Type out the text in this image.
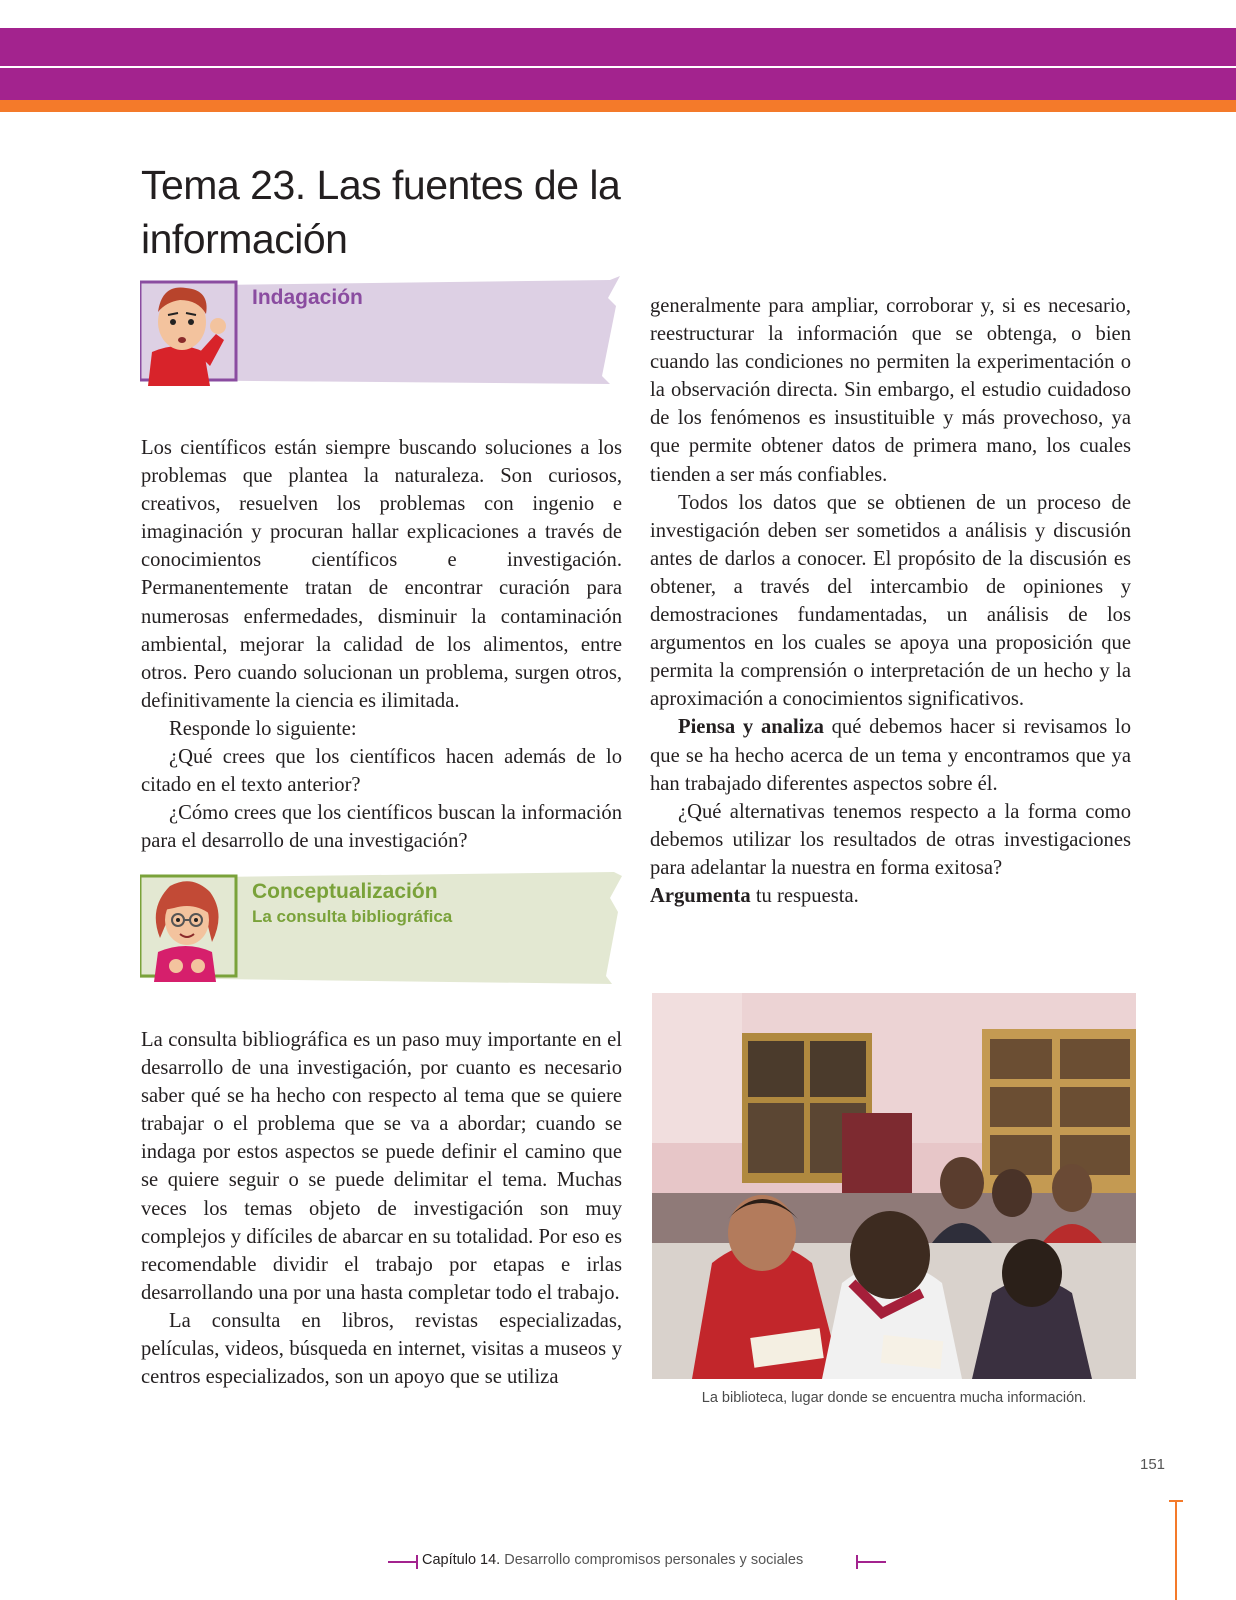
Tema 23. Las fuentes de la información
Indagación

Los científicos están siempre buscando soluciones a los problemas que plantea la naturaleza. Son curiosos, creativos, resuelven los problemas con ingenio e imaginación y procuran hallar explicaciones a través de conocimientos científicos e investigación. Permanentemente tratan de encontrar curación para numerosas enfermedades, disminuir la contaminación ambiental, mejorar la calidad de los alimentos, entre otros. Pero cuando solucionan un problema, surgen otros, definitivamente la ciencia es ilimitada.

Responde lo siguiente:

¿Qué crees que los científicos hacen además de lo citado en el texto anterior?

¿Cómo crees que los científicos buscan la información para el desarrollo de una investigación?

Conceptualización
La consulta bibliográfica

La consulta bibliográfica es un paso muy importante en el desarrollo de una investigación, por cuanto es necesario saber qué se ha hecho con respecto al tema que se quiere trabajar o el problema que se va a abordar; cuando se indaga por estos aspectos se puede definir el camino que se quiere seguir o se puede delimitar el tema. Muchas veces los temas objeto de investigación son muy complejos y difíciles de abarcar en su totalidad. Por eso es recomendable dividir el trabajo por etapas e irlas desarrollando una por una hasta completar todo el trabajo.

La consulta en libros, revistas especializadas, películas, videos, búsqueda en internet, visitas a museos y centros especializados, son un apoyo que se utiliza

generalmente para ampliar, corroborar y, si es necesario, reestructurar la información que se obtenga, o bien cuando las condiciones no permiten la experimentación o la observación directa. Sin embargo, el estudio cuidadoso de los fenómenos es insustituible y más provechoso, ya que permite obtener datos de primera mano, los cuales tienden a ser más confiables.

Todos los datos que se obtienen de un proceso de investigación deben ser sometidos a análisis y discusión antes de darlos a conocer. El propósito de la discusión es obtener, a través del intercambio de opiniones y demostraciones fundamentadas, un análisis de los argumentos en los cuales se apoya una proposición que permita la comprensión o interpretación de un hecho y la aproximación a conocimientos significativos.

Piensa y analiza qué debemos hacer si revisamos lo que se ha hecho acerca de un tema y encontramos que ya han trabajado diferentes aspectos sobre él.

¿Qué alternativas tenemos respecto a la forma como debemos utilizar los resultados de otras investigaciones para adelantar la nuestra en forma exitosa?

Argumenta tu respuesta.

La biblioteca, lugar donde se encuentra mucha información.
151
Capítulo 14. Desarrollo compromisos personales y sociales
